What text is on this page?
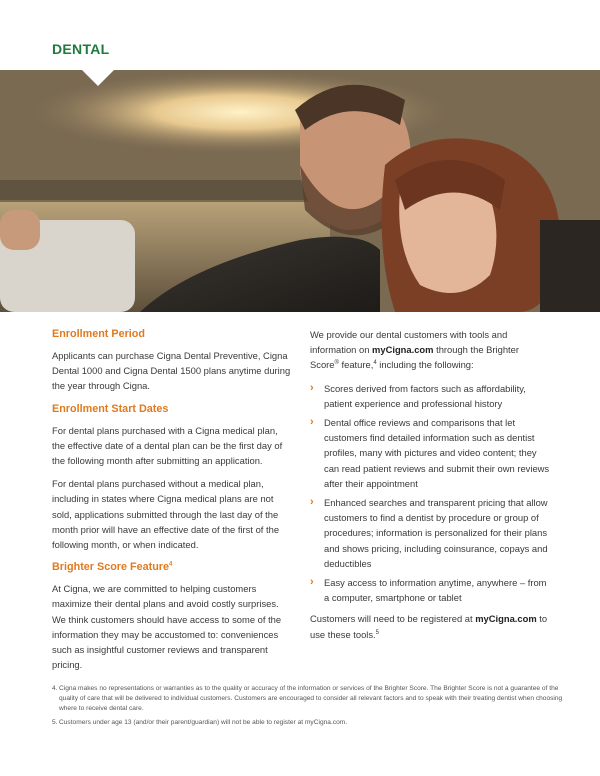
DENTAL
Enrollment Period

Applicants can purchase Cigna Dental Preventive, Cigna Dental 1000 and Cigna Dental 1500 plans anytime during the year through Cigna.

Enrollment Start Dates

For dental plans purchased with a Cigna medical plan, the effective date of a dental plan can be the first day of the following month after submitting an application.

For dental plans purchased without a medical plan, including in states where Cigna medical plans are not sold, applications submitted through the last day of the month prior will have an effective date of the first of the following month, or when indicated.

Brighter Score Feature$^4$

At Cigna, we are committed to helping customers maximize their dental plans and avoid costly surprises. We think customers should have access to some of the information they may be accustomed to: conveniences such as insightful customer reviews and transparent pricing.

We provide our dental customers with tools and information on myCigna.com through the Brighter Score® feature,$^4$ including the following:

› Scores derived from factors such as affordability, patient experience and professional history
› Dental office reviews and comparisons that let customers find detailed information such as dentist profiles, many with pictures and video content; they can read patient reviews and submit their own reviews after their appointment
› Enhanced searches and transparent pricing that allow customers to find a dentist by procedure or group of procedures; information is personalized for their plans and shows pricing, including coinsurance, copays and deductibles
› Easy access to information anytime, anywhere – from a computer, smartphone or tablet

Customers will need to be registered at myCigna.com to use these tools.$^5$

4. Cigna makes no representations or warranties as to the quality or accuracy of the information or services of the Brighter Score. The Brighter Score is not a guarantee of the quality of care that will be delivered to individual customers. Customers are encouraged to consider all relevant factors and to speak with their treating dentist when choosing where to receive dental care.
5. Customers under age 13 (and/or their parent/guardian) will not be able to register at myCigna.com.
